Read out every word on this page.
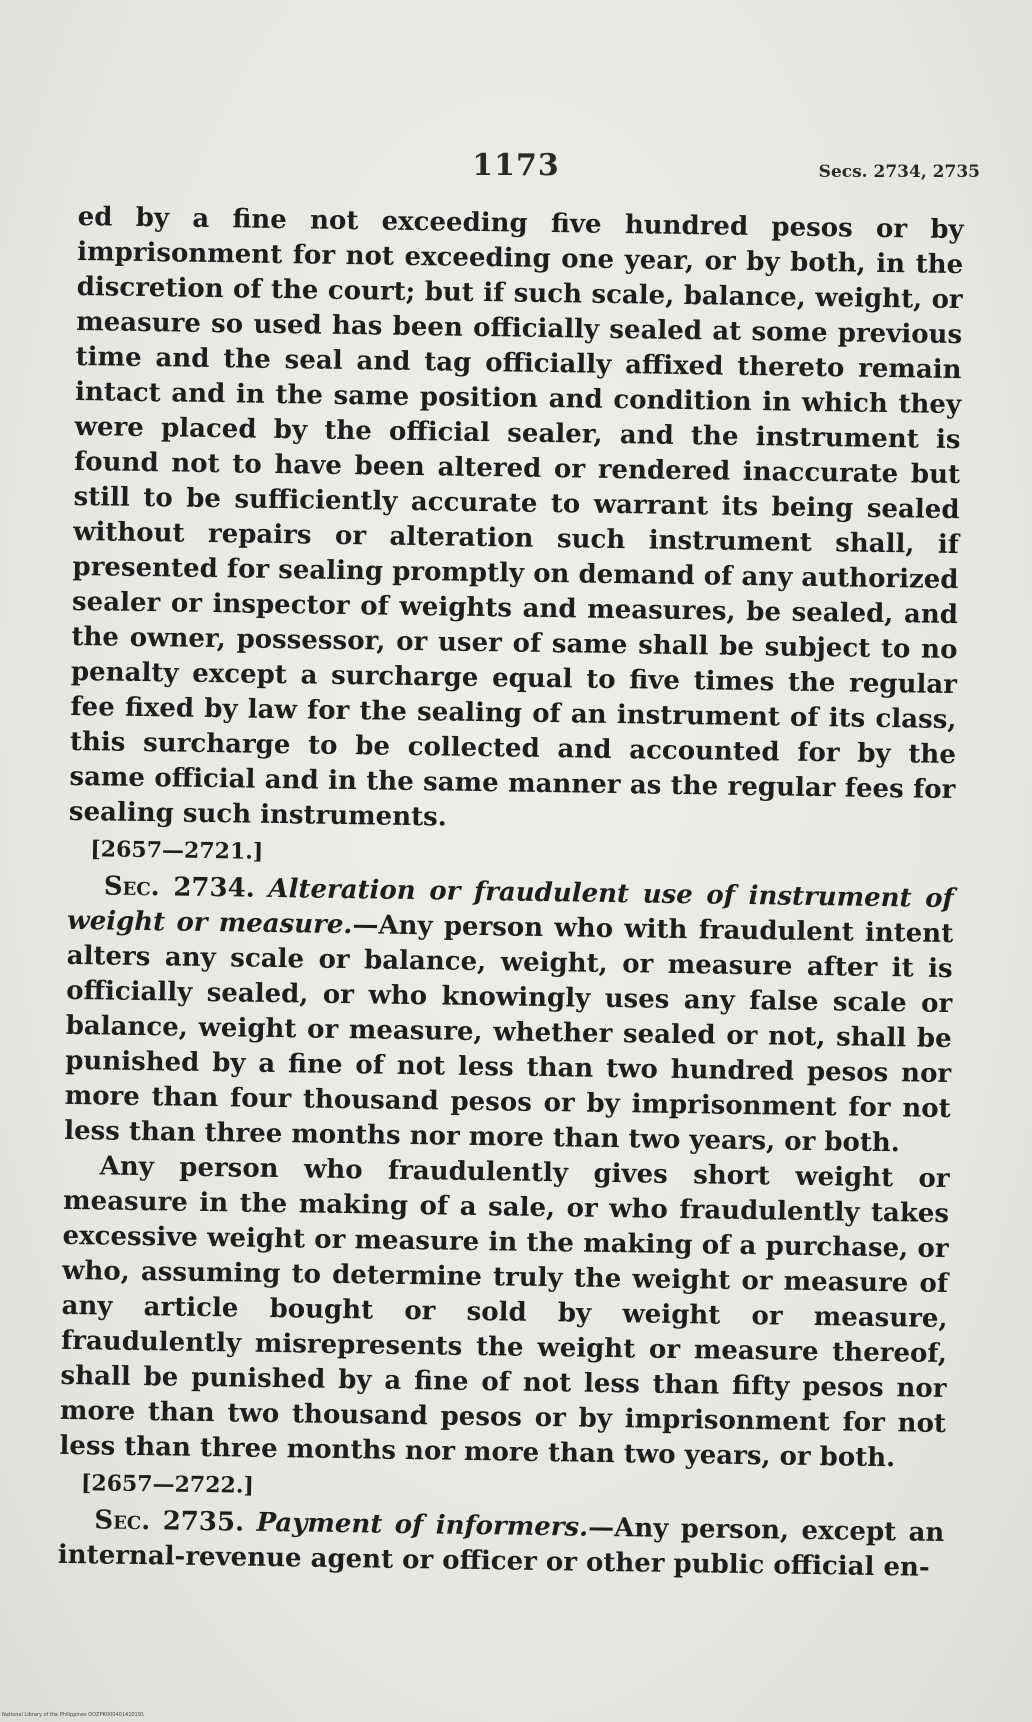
1173	Secs. 2734, 2735

ed by a fine not exceeding five hundred pesos or by imprisonment for not exceeding one year, or by both, in the discretion of the court; but if such scale, balance, weight, or measure so used has been officially sealed at some previous time and the seal and tag officially affixed thereto remain intact and in the same position and condition in which they were placed by the official sealer, and the instrument is found not to have been altered or rendered inaccurate but still to be sufficiently accurate to warrant its being sealed without repairs or alteration such instrument shall, if presented for sealing promptly on demand of any authorized sealer or inspector of weights and measures, be sealed, and the owner, possessor, or user of same shall be subject to no penalty except a surcharge equal to five times the regular fee fixed by law for the sealing of an instrument of its class, this surcharge to be collected and accounted for by the same official and in the same manner as the regular fees for sealing such instruments.

[2657—2721.]

Sec. 2734. Alteration or fraudulent use of instrument of weight or measure.—Any person who with fraudulent intent alters any scale or balance, weight, or measure after it is officially sealed, or who knowingly uses any false scale or balance, weight or measure, whether sealed or not, shall be punished by a fine of not less than two hundred pesos nor more than four thousand pesos or by imprisonment for not less than three months nor more than two years, or both.

Any person who fraudulently gives short weight or measure in the making of a sale, or who fraudulently takes excessive weight or measure in the making of a purchase, or who, assuming to determine truly the weight or measure of any article bought or sold by weight or measure, fraudulently misrepresents the weight or measure thereof, shall be punished by a fine of not less than fifty pesos nor more than two thousand pesos or by imprisonment for not less than three months nor more than two years, or both.

[2657—2722.]

Sec. 2735. Payment of informers.—Any person, except an internal-revenue agent or officer or other public official en-

National Library of the Philippines DOZPR000401410191
